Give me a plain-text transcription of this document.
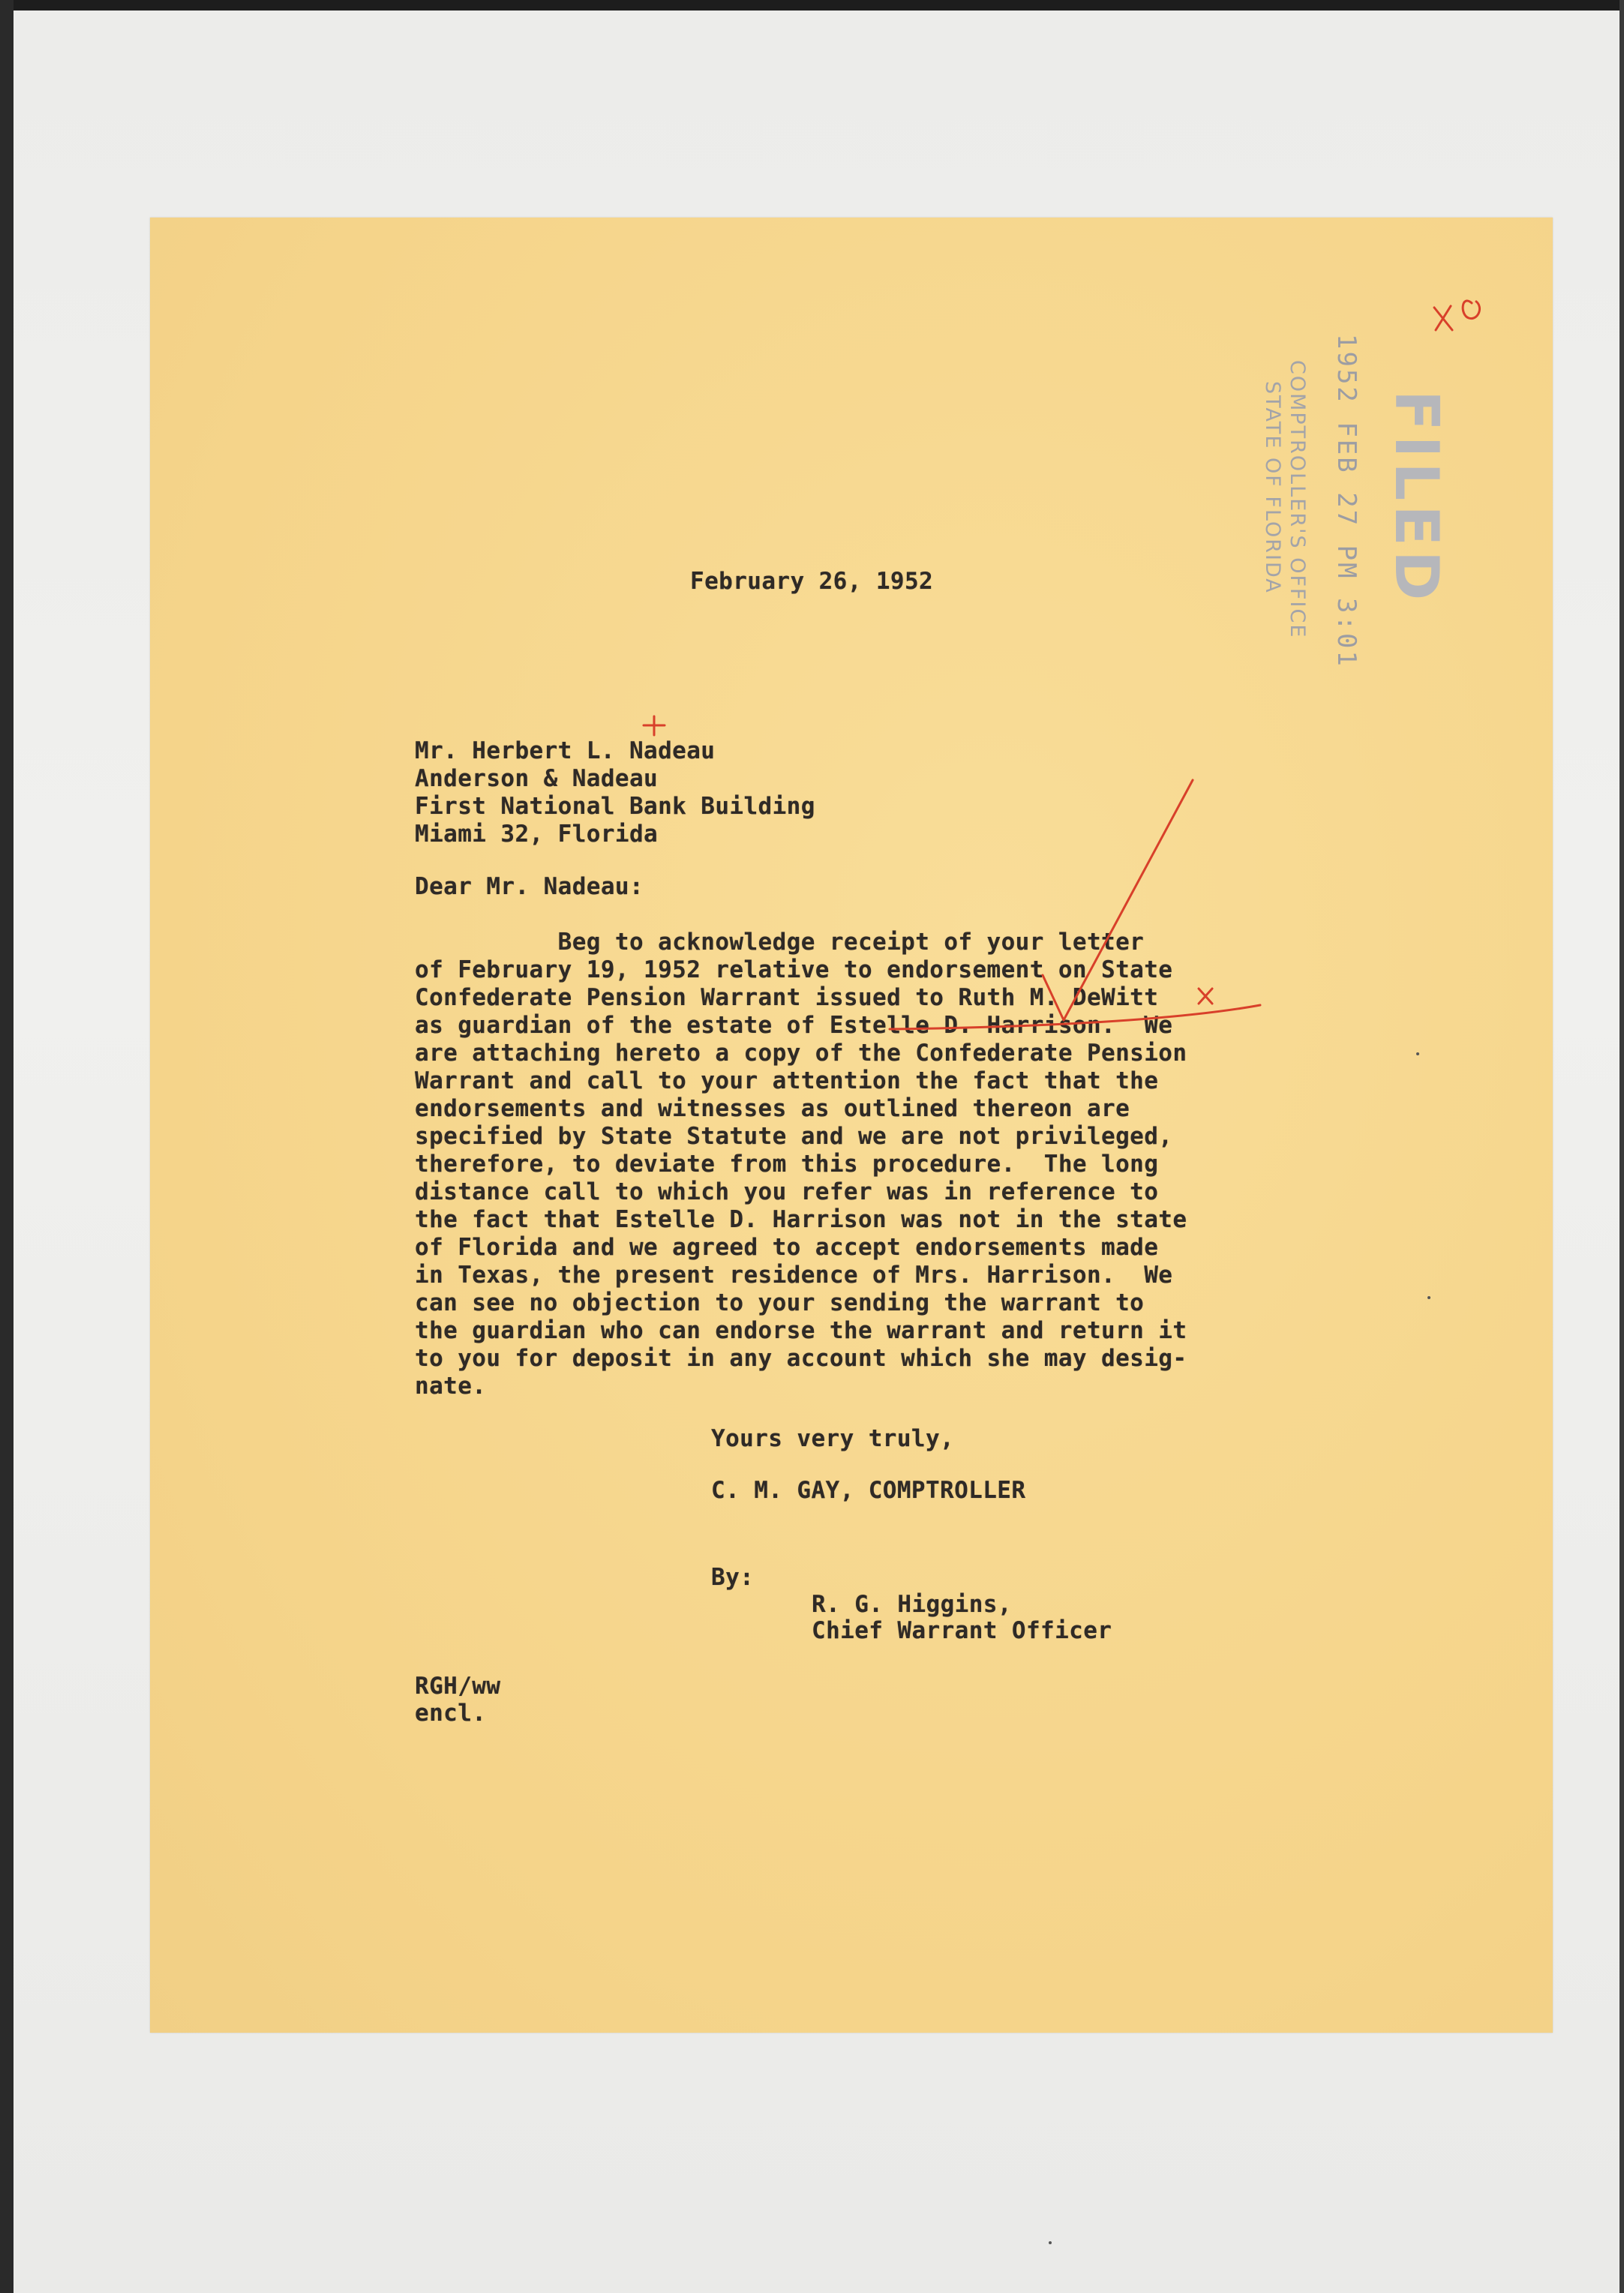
FILED
1952 FEB 27 PM 3:01
COMPTROLLER'S OFFICE
STATE OF FLORIDA
February 26, 1952
Mr. Herbert L. Nadeau
Anderson & Nadeau
First National Bank Building
Miami 32, Florida
Dear Mr. Nadeau:
Beg to acknowledge receipt of your letter
of February 19, 1952 relative to endorsement on State
Confederate Pension Warrant issued to Ruth M. DeWitt
as guardian of the estate of Estelle D. Harrison.  We
are attaching hereto a copy of the Confederate Pension
Warrant and call to your attention the fact that the
endorsements and witnesses as outlined thereon are
specified by State Statute and we are not privileged,
therefore, to deviate from this procedure.  The long
distance call to which you refer was in reference to
the fact that Estelle D. Harrison was not in the state
of Florida and we agreed to accept endorsements made
in Texas, the present residence of Mrs. Harrison.  We
can see no objection to your sending the warrant to
the guardian who can endorse the warrant and return it
to you for deposit in any account which she may desig-
nate.
Yours very truly,
C. M. GAY, COMPTROLLER
By:
R. G. Higgins,
Chief Warrant Officer
RGH/ww
encl.
